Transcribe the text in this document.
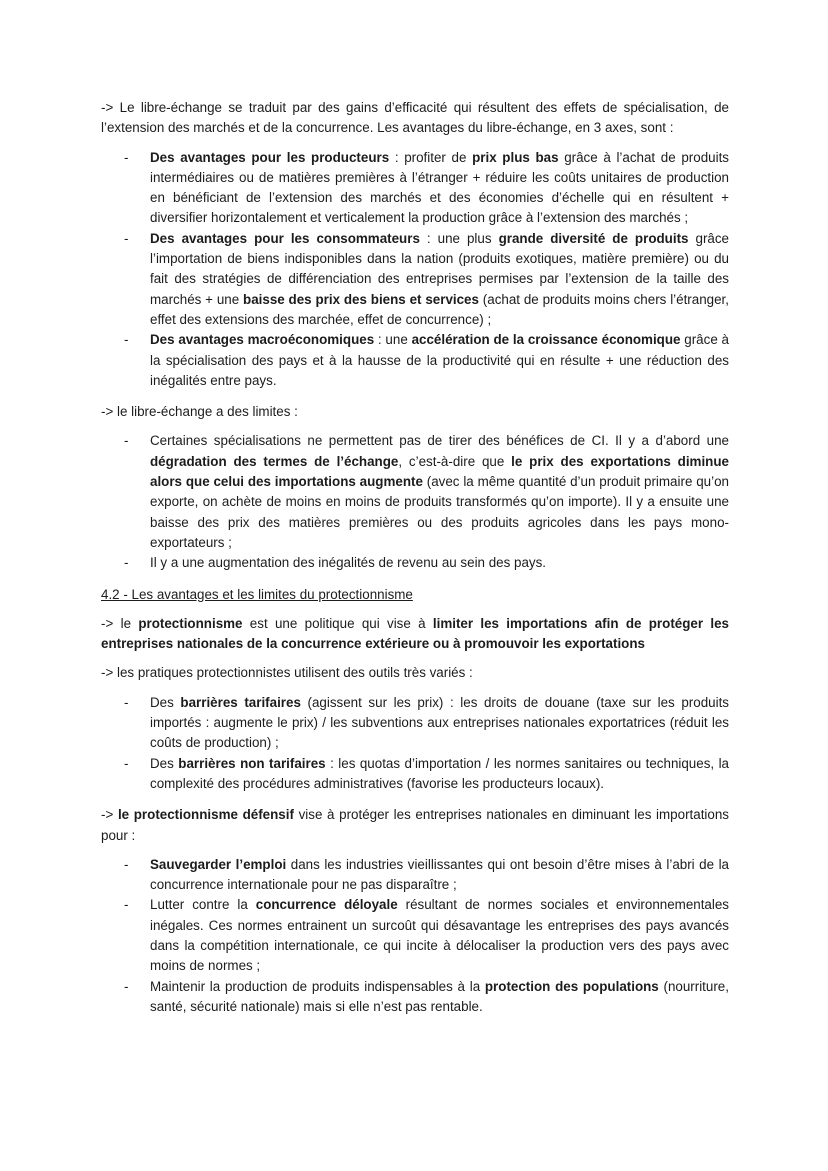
-> Le libre-échange se traduit par des gains d’efficacité qui résultent des effets de spécialisation, de l’extension des marchés et de la concurrence. Les avantages du libre-échange, en 3 axes, sont :

- Des avantages pour les producteurs : profiter de prix plus bas grâce à l’achat de produits intermédiaires ou de matières premières à l’étranger + réduire les coûts unitaires de production en bénéficiant de l’extension des marchés et des économies d’échelle qui en résultent + diversifier horizontalement et verticalement la production grâce à l’extension des marchés ;
- Des avantages pour les consommateurs : une plus grande diversité de produits grâce l’importation de biens indisponibles dans la nation (produits exotiques, matière première) ou du fait des stratégies de différenciation des entreprises permises par l’extension de la taille des marchés + une baisse des prix des biens et services (achat de produits moins chers l’étranger, effet des extensions des marchée, effet de concurrence) ;
- Des avantages macroéconomiques : une accélération de la croissance économique grâce à la spécialisation des pays et à la hausse de la productivité qui en résulte + une réduction des inégalités entre pays.

-> le libre-échange a des limites :

- Certaines spécialisations ne permettent pas de tirer des bénéfices de CI. Il y a d’abord une dégradation des termes de l’échange, c’est-à-dire que le prix des exportations diminue alors que celui des importations augmente (avec la même quantité d’un produit primaire qu’on exporte, on achète de moins en moins de produits transformés qu’on importe). Il y a ensuite une baisse des prix des matières premières ou des produits agricoles dans les pays mono-exportateurs ;
- Il y a une augmentation des inégalités de revenu au sein des pays.

4.2 - Les avantages et les limites du protectionnisme

-> le protectionnisme est une politique qui vise à limiter les importations afin de protéger les entreprises nationales de la concurrence extérieure ou à promouvoir les exportations

-> les pratiques protectionnistes utilisent des outils très variés :

- Des barrières tarifaires (agissent sur les prix) : les droits de douane (taxe sur les produits importés : augmente le prix) / les subventions aux entreprises nationales exportatrices (réduit les coûts de production) ;
- Des barrières non tarifaires : les quotas d’importation / les normes sanitaires ou techniques, la complexité des procédures administratives (favorise les producteurs locaux).

-> le protectionnisme défensif vise à protéger les entreprises nationales en diminuant les importations pour :

- Sauvegarder l’emploi dans les industries vieillissantes qui ont besoin d’être mises à l’abri de la concurrence internationale pour ne pas disparaître ;
- Lutter contre la concurrence déloyale résultant de normes sociales et environnementales inégales. Ces normes entrainent un surcoût qui désavantage les entreprises des pays avancés dans la compétition internationale, ce qui incite à délocaliser la production vers des pays avec moins de normes ;
- Maintenir la production de produits indispensables à la protection des populations (nourriture, santé, sécurité nationale) mais si elle n’est pas rentable.
